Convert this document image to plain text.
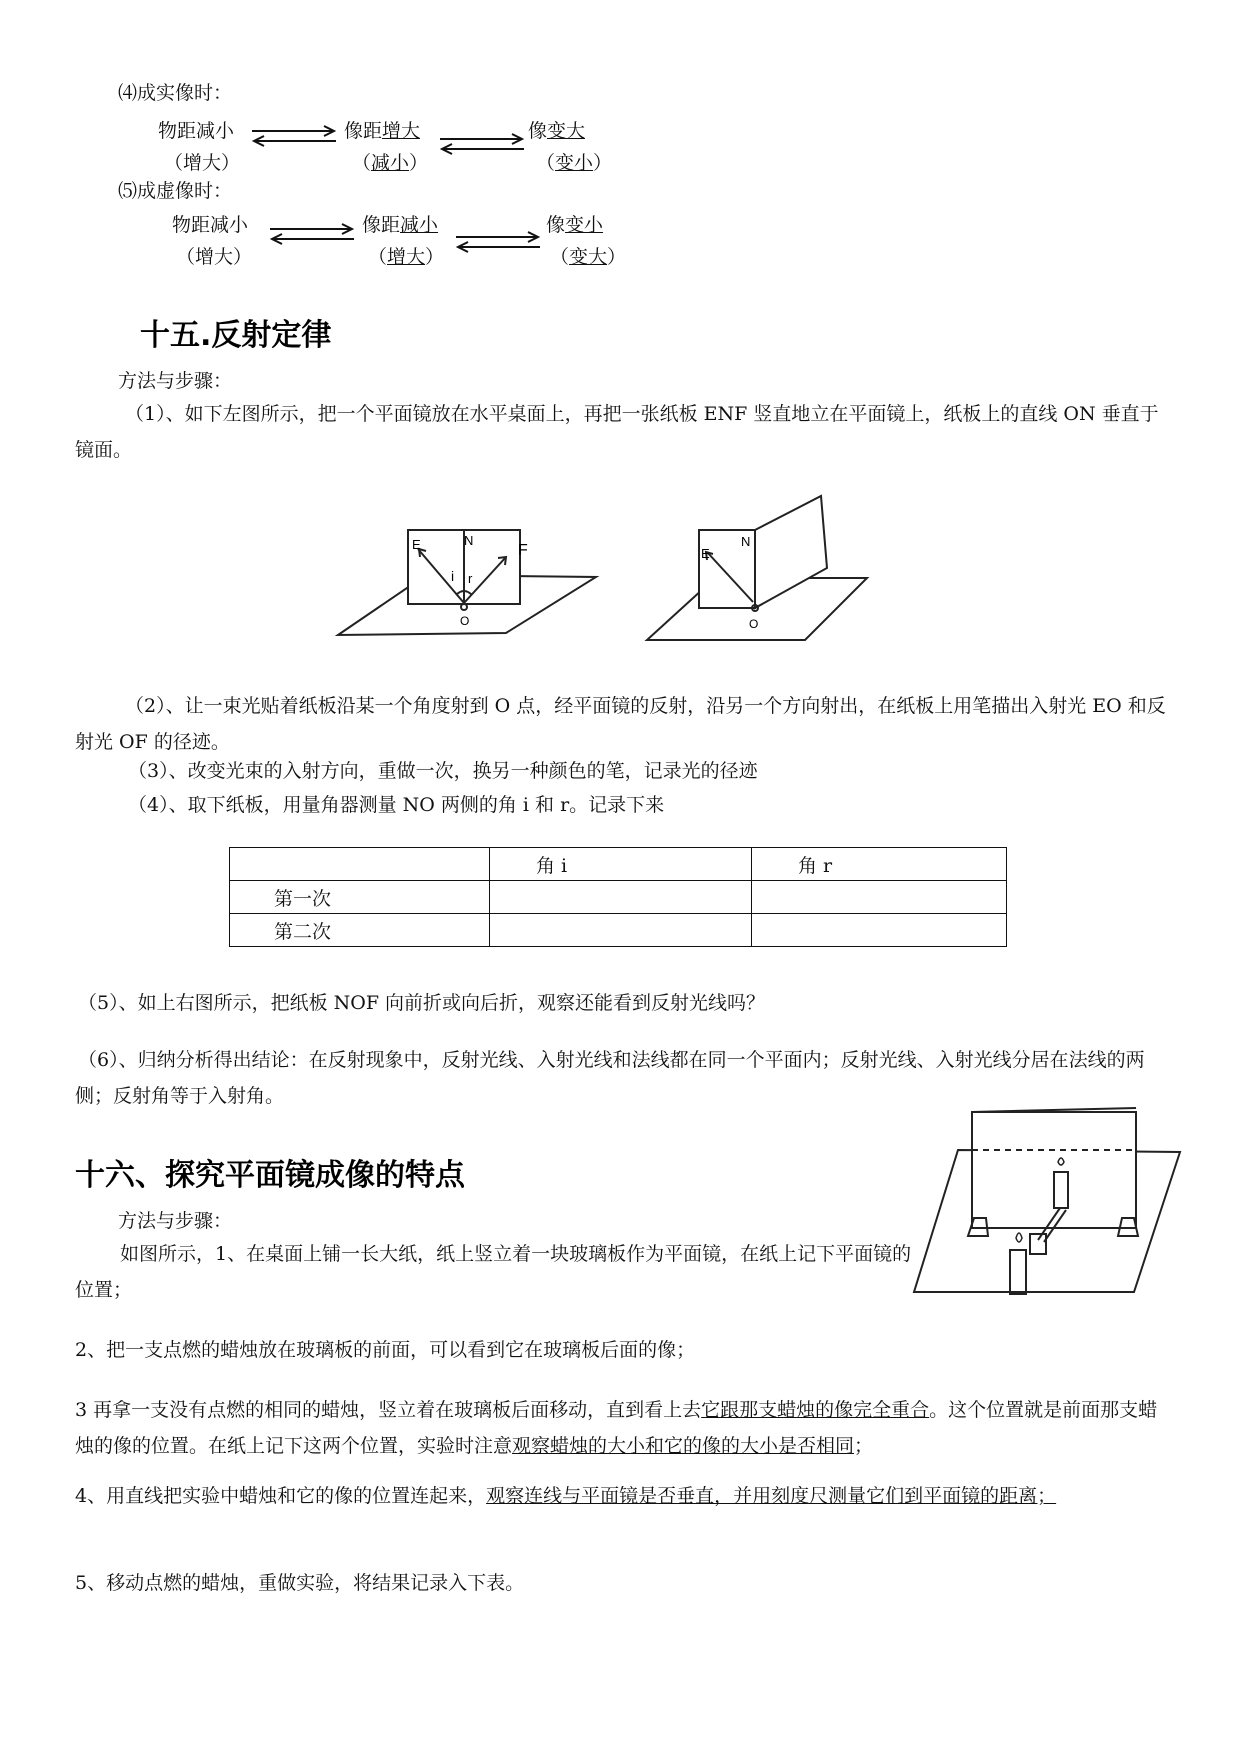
⑷成实像时：
物距减小
（增大）
像距增大
（减小）
像变大
（变小）
⑸成虚像时：
物距减小
（增大）
像距减小
（增大）
像变小
（变大）
十五.反射定律
方法与步骤：
（1）、如下左图所示，把一个平面镜放在水平桌面上，再把一张纸板 ENF 竖直地立在平面镜上，纸板上的直线 ON 垂直于镜面。
E	N
F
i r
O
E
N
O
（2）、让一束光贴着纸板沿某一个角度射到 O 点，经平面镜的反射，沿另一个方向射出，在纸板上用笔描出入射光 EO 和反射光 OF 的径迹。
（3）、改变光束的入射方向，重做一次，换另一种颜色的笔，记录光的径迹
（4）、取下纸板，用量角器测量 NO 两侧的角 i 和 r。记录下来
	角 i	角 r
第一次		
第二次		
（5）、如上右图所示，把纸板 NOF 向前折或向后折，观察还能看到反射光线吗？
（6）、归纳分析得出结论：在反射现象中，反射光线、入射光线和法线都在同一个平面内；反射光线、入射光线分居在法线的两侧；反射角等于入射角。
十六、探究平面镜成像的特点
方法与步骤：
如图所示，1、在桌面上铺一长大纸，纸上竖立着一块玻璃板作为平面镜，在纸上记下平面镜的位置；
2、把一支点燃的蜡烛放在玻璃板的前面，可以看到它在玻璃板后面的像；
3 再拿一支没有点燃的相同的蜡烛，竖立着在玻璃板后面移动，直到看上去它跟那支蜡烛的像完全重合。这个位置就是前面那支蜡烛的像的位置。在纸上记下这两个位置，实验时注意观察蜡烛的大小和它的像的大小是否相同；
4、用直线把实验中蜡烛和它的像的位置连起来，观察连线与平面镜是否垂直，并用刻度尺测量它们到平面镜的距离；
5、移动点燃的蜡烛，重做实验，将结果记录入下表。
